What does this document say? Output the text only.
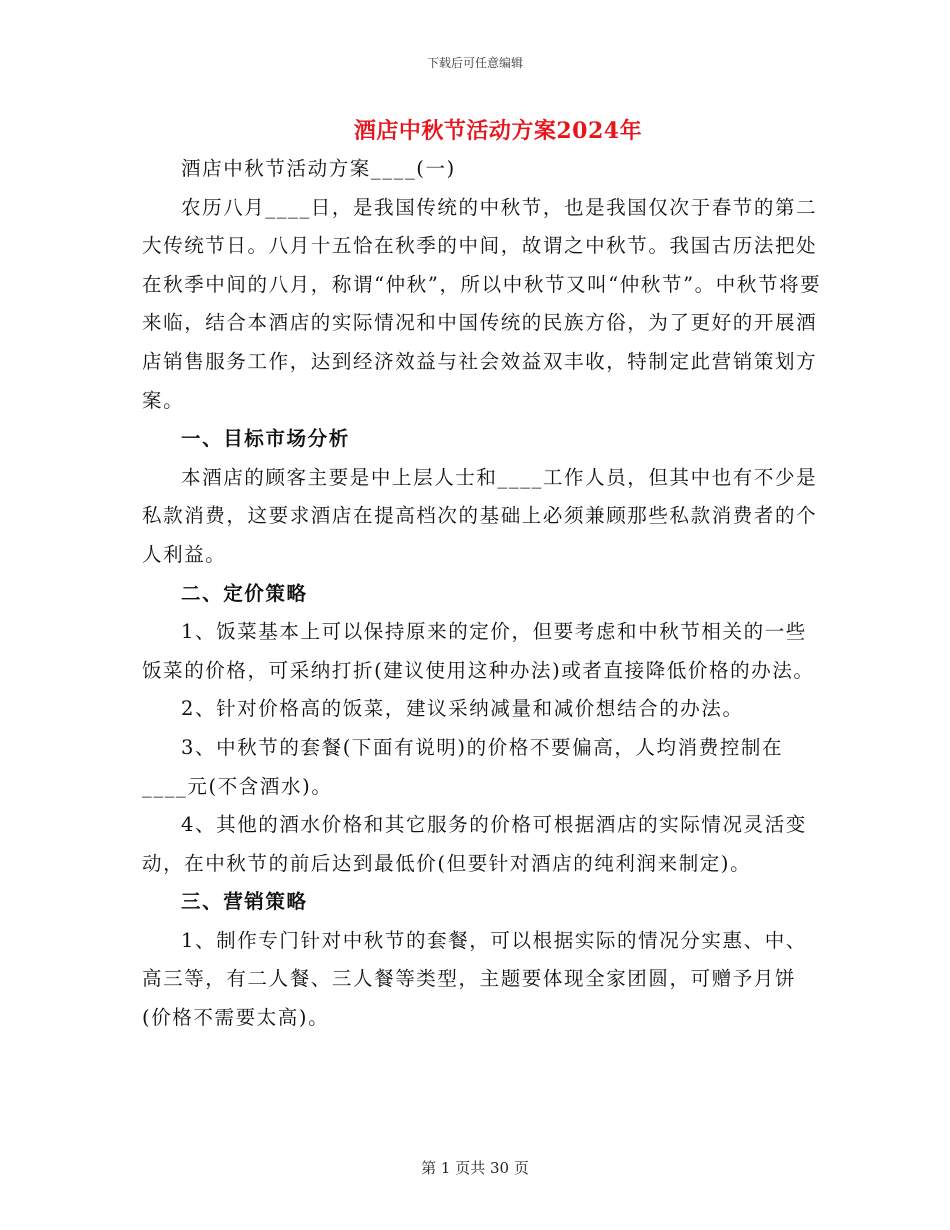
下载后可任意编辑
酒店中秋节活动方案2024年

酒店中秋节活动方案____(一)

农历八月____日，是我国传统的中秋节，也是我国仅次于春节的第二大传统节日。八月十五恰在秋季的中间，故谓之中秋节。我国古历法把处在秋季中间的八月，称谓“仲秋”，所以中秋节又叫“仲秋节”。中秋节将要来临，结合本酒店的实际情况和中国传统的民族方俗，为了更好的开展酒店销售服务工作，达到经济效益与社会效益双丰收，特制定此营销策划方案。

一、目标市场分析

本酒店的顾客主要是中上层人士和____工作人员，但其中也有不少是私款消费，这要求酒店在提高档次的基础上必须兼顾那些私款消费者的个人利益。

二、定价策略

1、饭菜基本上可以保持原来的定价，但要考虑和中秋节相关的一些饭菜的价格，可采纳打折(建议使用这种办法)或者直接降低价格的办法。

2、针对价格高的饭菜，建议采纳减量和减价想结合的办法。

3、中秋节的套餐(下面有说明)的价格不要偏高，人均消费控制在____元(不含酒水)。

4、其他的酒水价格和其它服务的价格可根据酒店的实际情况灵活变动，在中秋节的前后达到最低价(但要针对酒店的纯利润来制定)。

三、营销策略

1、制作专门针对中秋节的套餐，可以根据实际的情况分实惠、中、高三等，有二人餐、三人餐等类型，主题要体现全家团圆，可赠予月饼(价格不需要太高)。

第 1 页共 30 页
